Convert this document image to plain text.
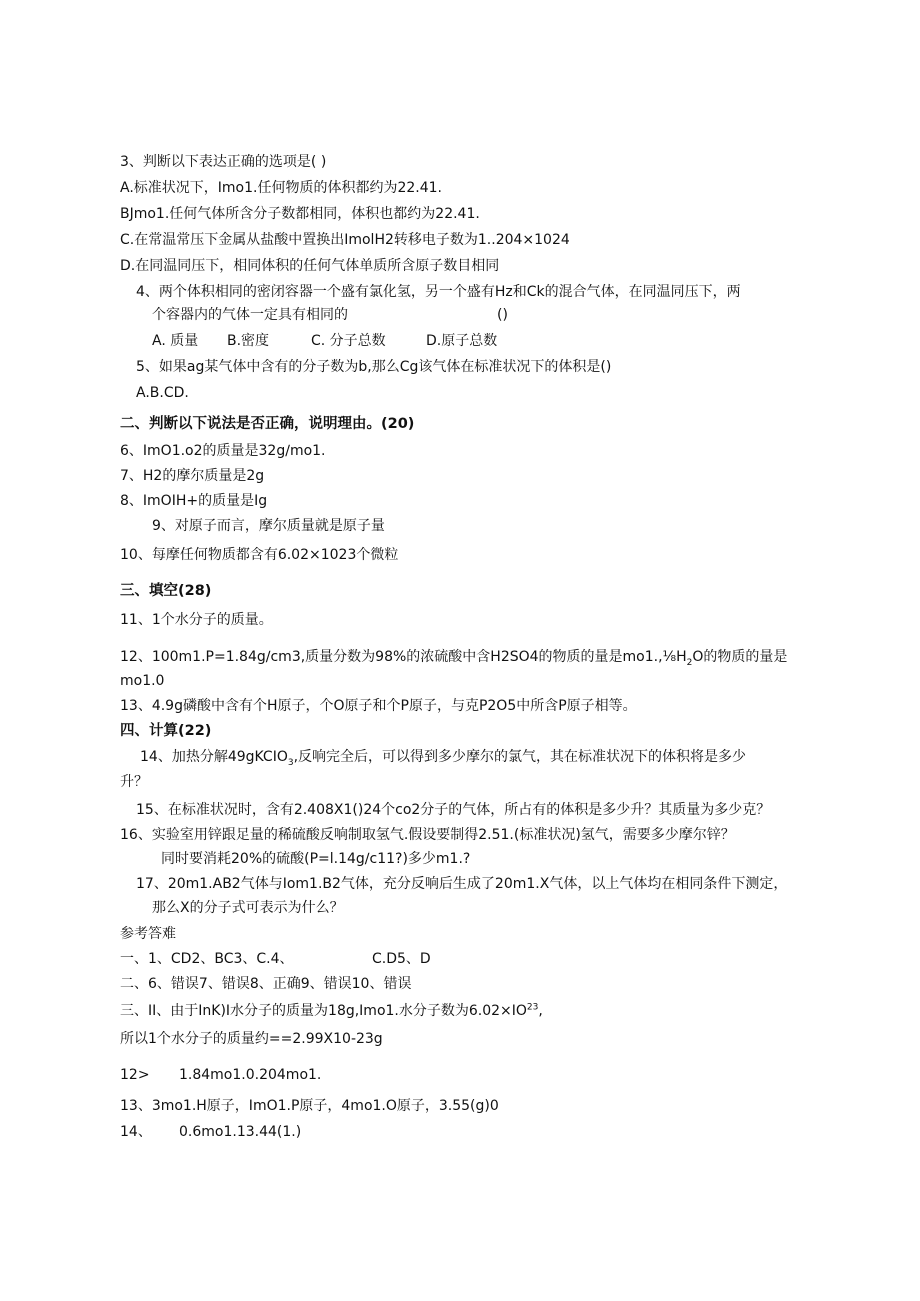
3、判断以下表达正确的选项是( )
A.标准状况下，Imo1.任何物质的体积都约为22.41.
BJmo1.任何气体所含分子数都相同，体积也都约为22.41.
C.在常温常压下金属从盐酸中置换出ImolH2转移电子数为1..204×1024
D.在同温同压下，相同体积的任何气体单质所含原子数目相同
4、两个体积相同的密闭容器一个盛有氯化氢，另一个盛有Hz和Ck的混合气体，在同温同压下，两
个容器内的气体一定具有相同的	()
A. 质量 B.密度	C. 分子总数	D.原子总数
5、如果ag某气体中含有的分子数为b,那么Cg该气体在标准状况下的体积是()
A.B.CD.
二、判断以下说法是否正确，说明理由。(20)
6、ImO1.o2的质量是32g∕mo1.
7、H2的摩尔质量是2g
8、ImOIH+的质量是Ig
9、对原子而言，摩尔质量就是原子量
10、每摩任何物质都含有6.02×1023个微粒
三、填空(28)
11、1个水分子的质量。
12、100m1.P=1.84g∕cm3,质量分数为98%的浓硫酸中含H2SO4的物质的量是$mo1.,\frac{1}{8}H_2O$的物质的量是
mo1.0
13、4.9g磷酸中含有个H原子，个O原子和个P原子，与克P2O5中所含P原子相等。
四、计算(22)
14、加热分解49gKCIO$_3$,反响完全后，可以得到多少摩尔的氯气，其在标准状况下的体积将是多少
升？
15、在标准状况时，含有2.408X1()24个co2分子的气体，所占有的体积是多少升？其质量为多少克？
16、实验室用锌跟足量的稀硫酸反响制取氢气.假设要制得2.51.(标准状况)氢气，需要多少摩尔锌？
同时要消耗20%的硫酸(P=l.14g∕c11?)多少m1.?
17、20m1.AB2气体与Iom1.B2气体，充分反响后生成了20m1.X气体，以上气体均在相同条件下测定，
那么X的分子式可表示为什么？
参考答难
一、1、CD2、BC3、C.4、	C.D5、D
二、6、错误7、错误8、正确9、错误10、错误
三、II、由于InK)I水分子的质量为18g,Imo1.水分子数为$6.02\times IO^{23}$,
所以1个水分子的质量约==2.99X10-23g
12> 1.84mo1.0.204mo1.
13、3mo1.H原子，ImO1.P原子，4mo1.O原子，3.55(g)0
14、 0.6mo1.13.44(1.)
